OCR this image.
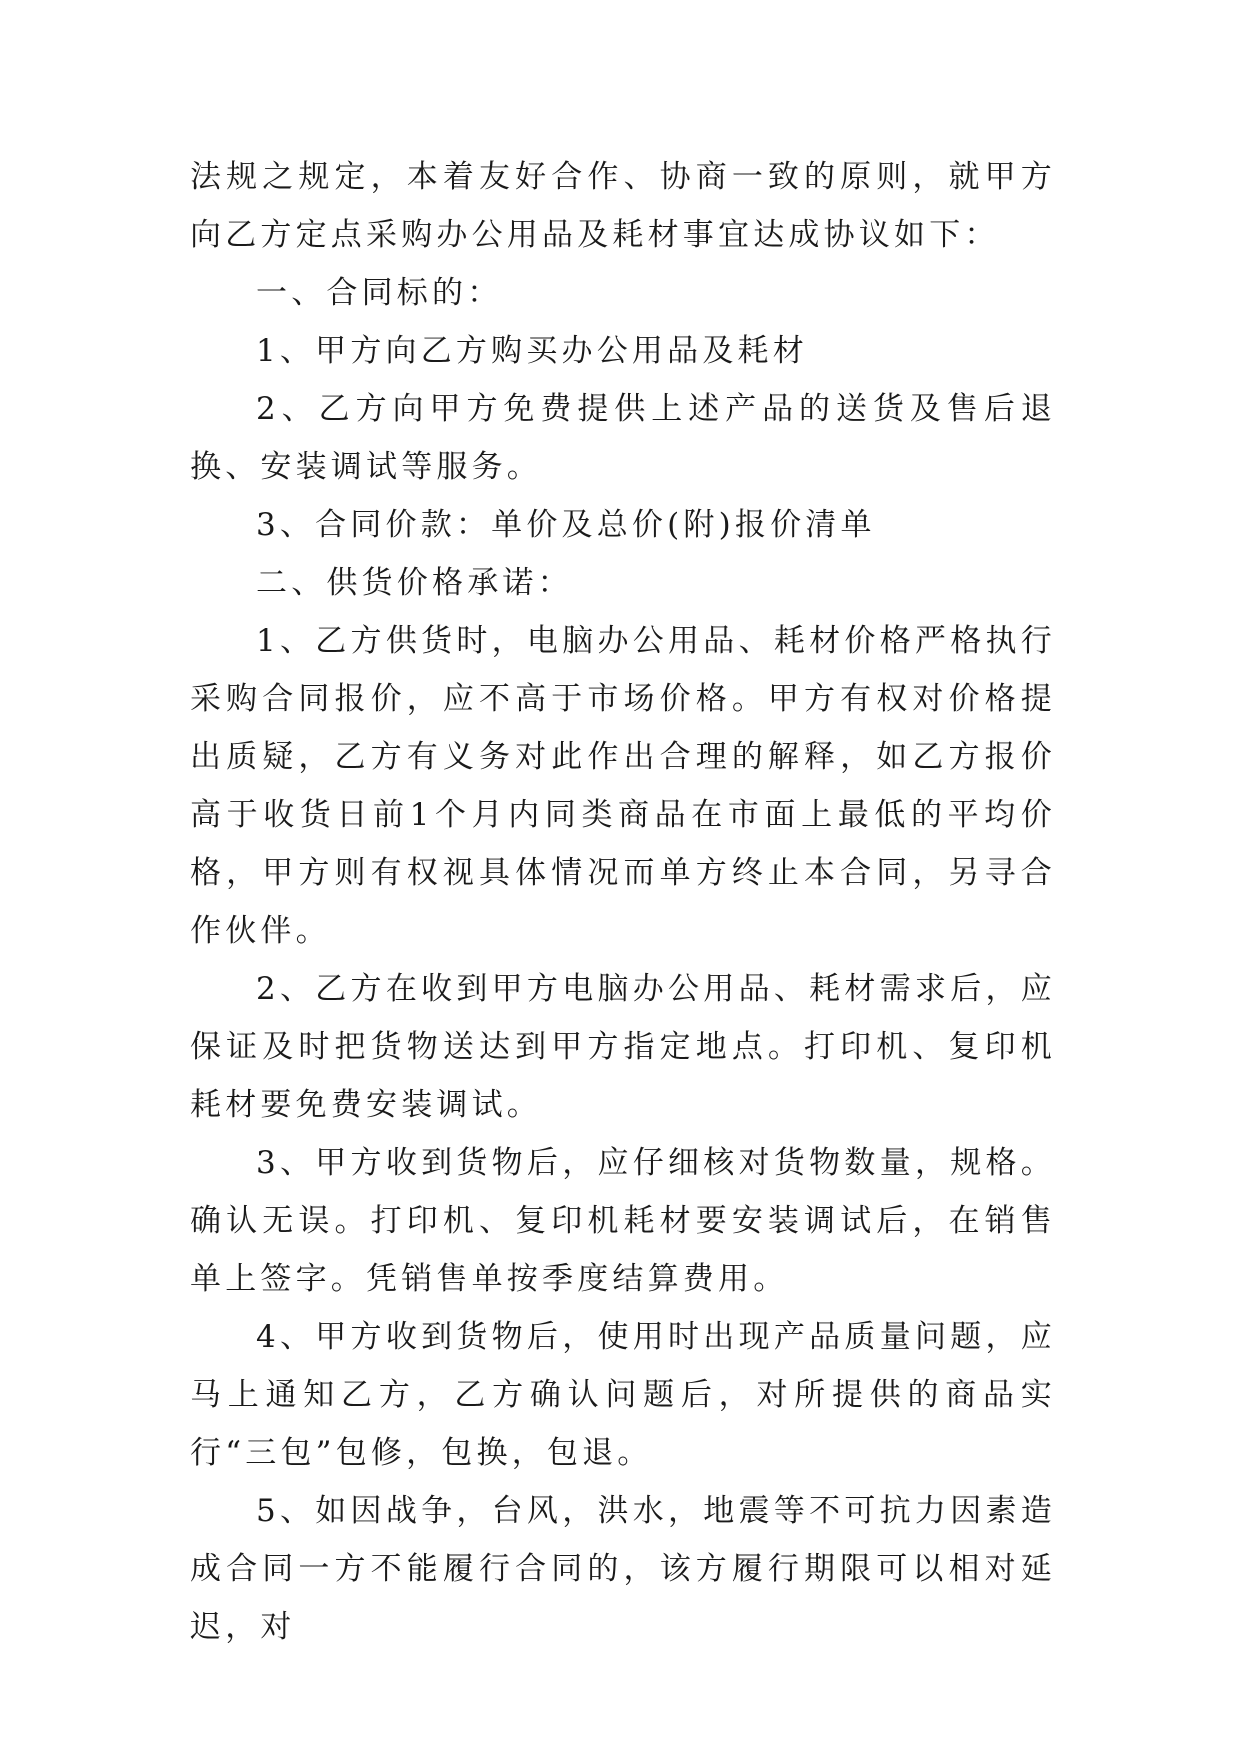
法规之规定，本着友好合作、协商一致的原则，就甲方向乙方定点采购办公用品及耗材事宜达成协议如下：

一、合同标的：

1、甲方向乙方购买办公用品及耗材

2、乙方向甲方免费提供上述产品的送货及售后退换、安装调试等服务。

3、合同价款：单价及总价(附)报价清单

二、供货价格承诺：

1、乙方供货时，电脑办公用品、耗材价格严格执行采购合同报价，应不高于市场价格。甲方有权对价格提出质疑，乙方有义务对此作出合理的解释，如乙方报价高于收货日前1个月内同类商品在市面上最低的平均价格，甲方则有权视具体情况而单方终止本合同，另寻合作伙伴。

2、乙方在收到甲方电脑办公用品、耗材需求后，应保证及时把货物送达到甲方指定地点。打印机、复印机耗材要免费安装调试。

3、甲方收到货物后，应仔细核对货物数量，规格。确认无误。打印机、复印机耗材要安装调试后，在销售单上签字。凭销售单按季度结算费用。

4、甲方收到货物后，使用时出现产品质量问题，应马上通知乙方，乙方确认问题后，对所提供的商品实行“三包”包修，包换，包退。

5、如因战争，台风，洪水，地震等不可抗力因素造成合同一方不能履行合同的，该方履行期限可以相对延迟，对
